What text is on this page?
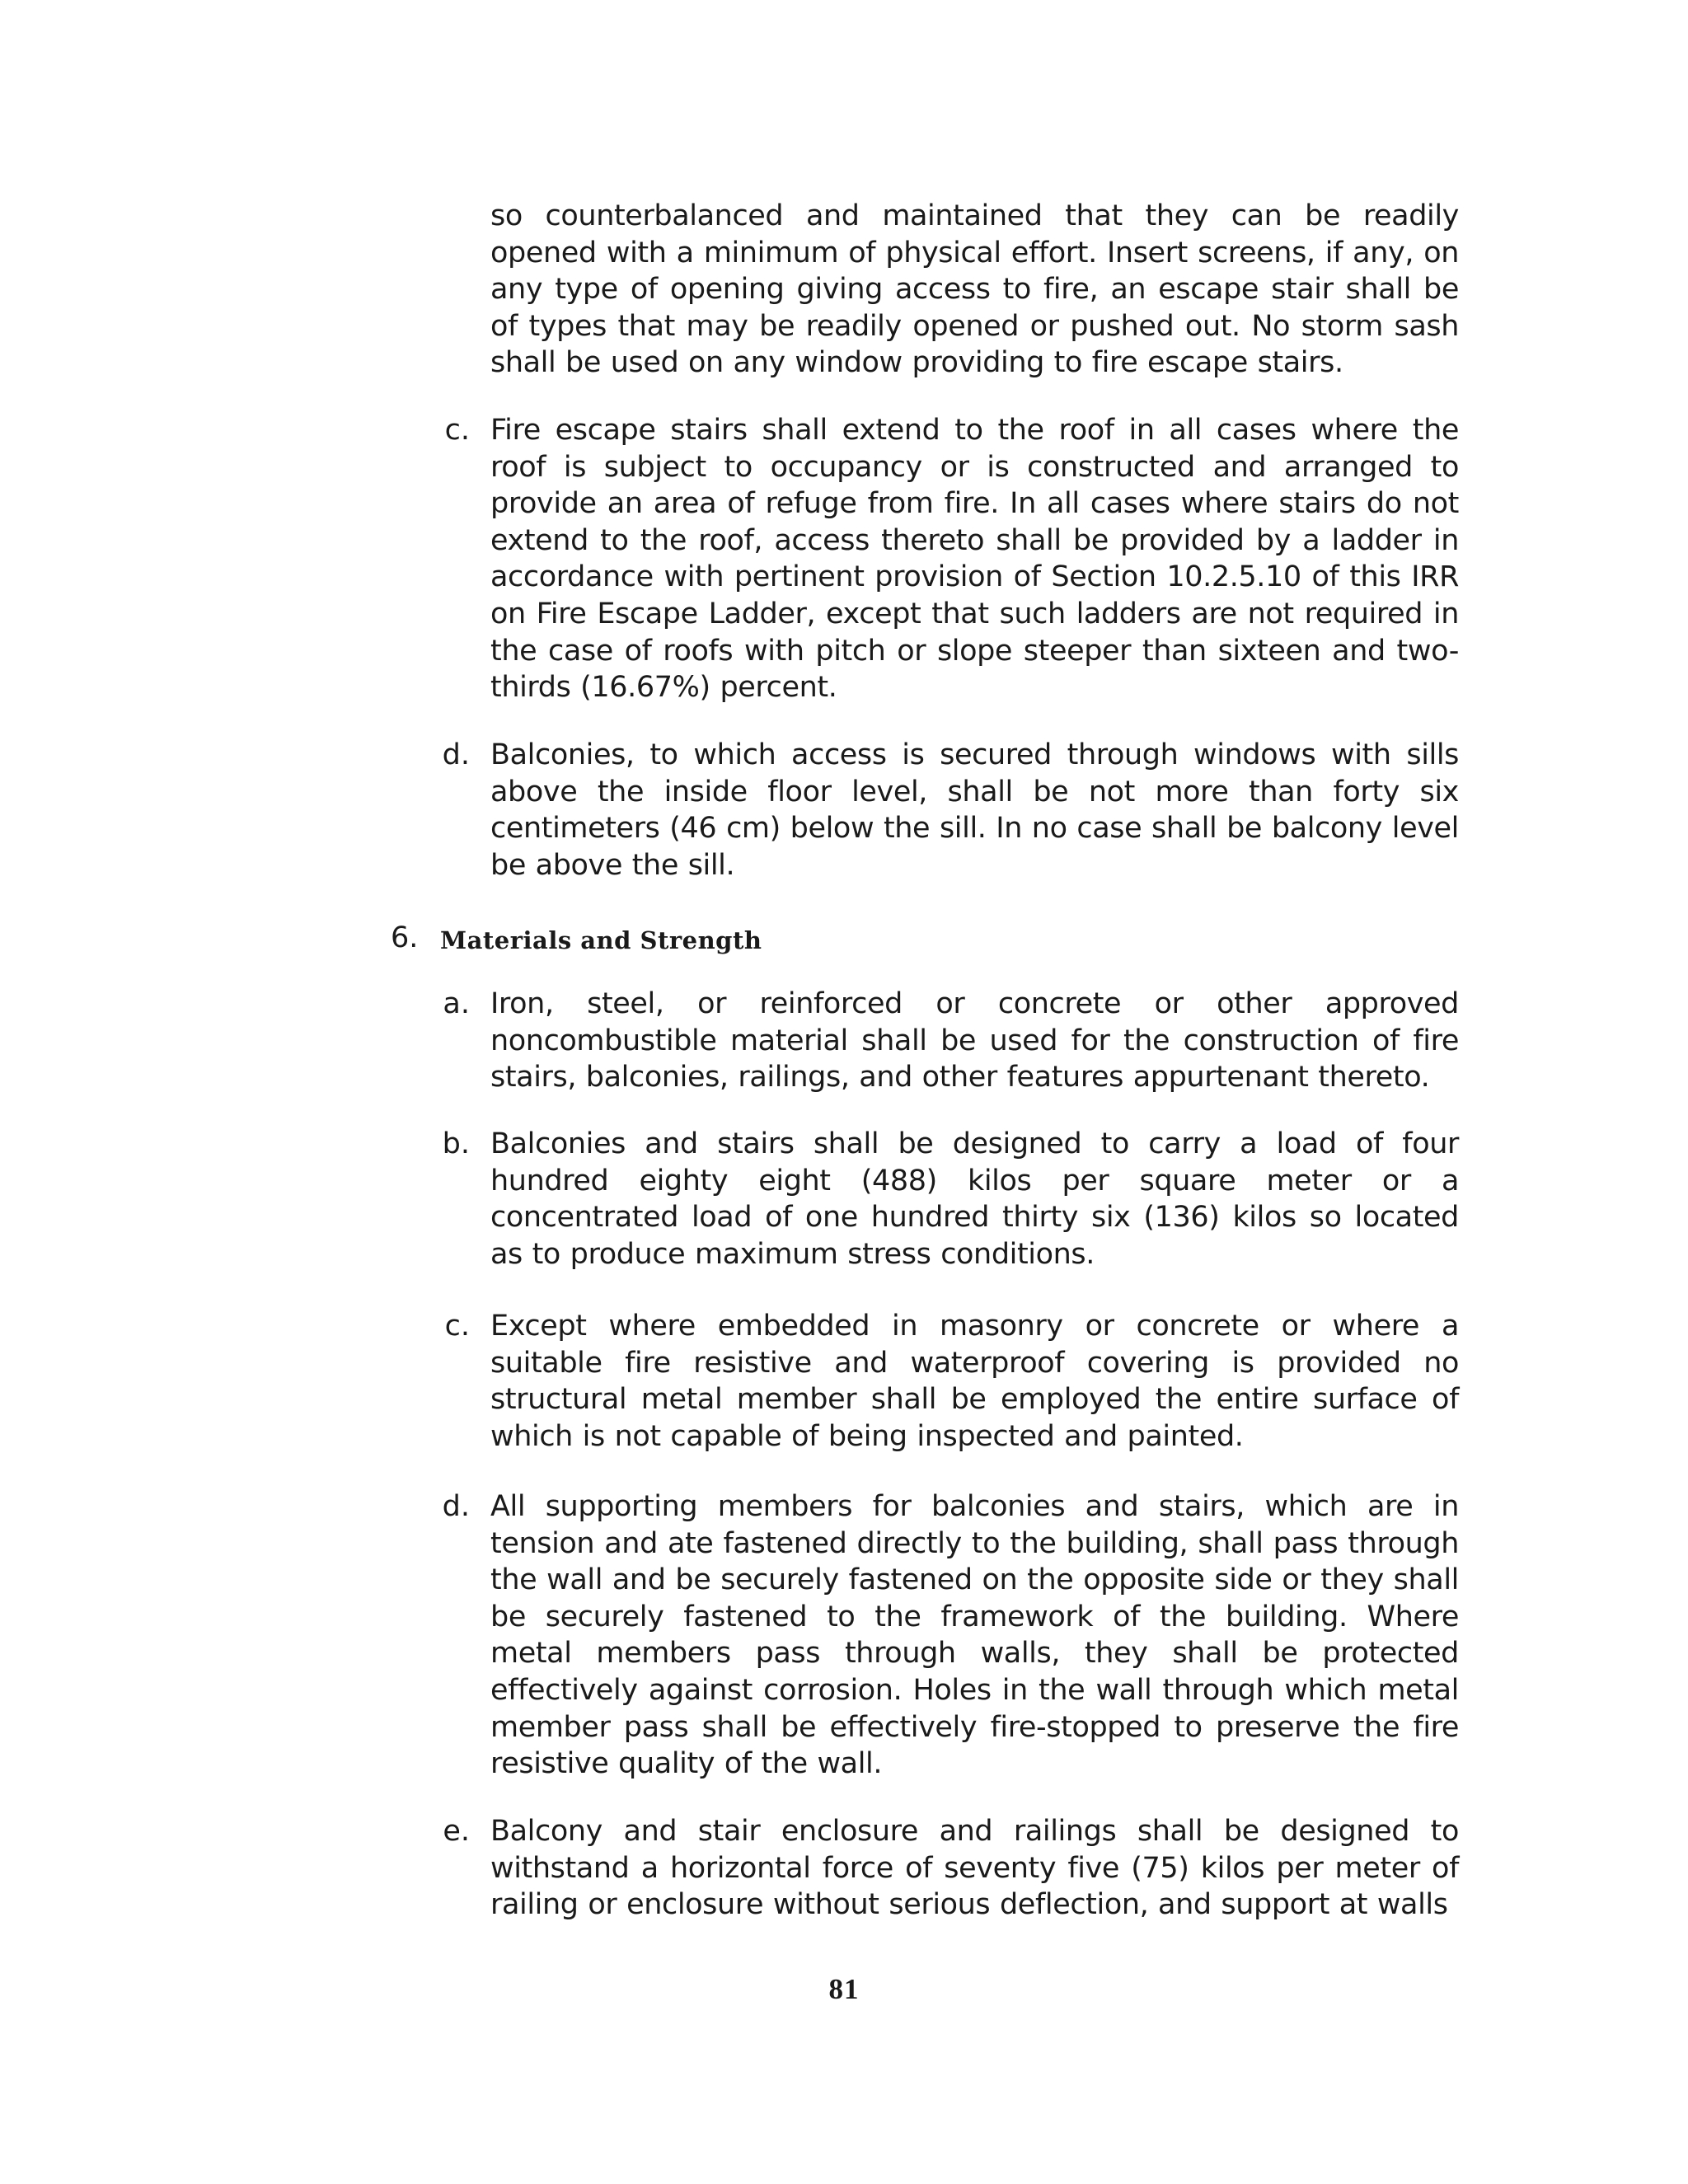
so counterbalanced and maintained that they can be readily opened with a minimum of physical effort. Insert screens, if any, on any type of opening giving access to fire, an escape stair shall be of types that may be readily opened or pushed out. No storm sash shall be used on any window providing to fire escape stairs.

c. Fire escape stairs shall extend to the roof in all cases where the roof is subject to occupancy or is constructed and arranged to provide an area of refuge from fire. In all cases where stairs do not extend to the roof, access thereto shall be provided by a ladder in accordance with pertinent provision of Section 10.2.5.10 of this IRR on Fire Escape Ladder, except that such ladders are not required in the case of roofs with pitch or slope steeper than sixteen and two-thirds (16.67%) percent.

d. Balconies, to which access is secured through windows with sills above the inside floor level, shall be not more than forty six centimeters (46 cm) below the sill. In no case shall be balcony level be above the sill.

6. Materials and Strength
a. Iron, steel, or reinforced or concrete or other approved noncombustible material shall be used for the construction of fire stairs, balconies, railings, and other features appurtenant thereto.

b. Balconies and stairs shall be designed to carry a load of four hundred eighty eight (488) kilos per square meter or a concentrated load of one hundred thirty six (136) kilos so located as to produce maximum stress conditions.

c. Except where embedded in masonry or concrete or where a suitable fire resistive and waterproof covering is provided no structural metal member shall be employed the entire surface of which is not capable of being inspected and painted.

d. All supporting members for balconies and stairs, which are in tension and ate fastened directly to the building, shall pass through the wall and be securely fastened on the opposite side or they shall be securely fastened to the framework of the building. Where metal members pass through walls, they shall be protected effectively against corrosion. Holes in the wall through which metal member pass shall be effectively fire-stopped to preserve the fire resistive quality of the wall.

e. Balcony and stair enclosure and railings shall be designed to withstand a horizontal force of seventy five (75) kilos per meter of railing or enclosure without serious deflection, and support at walls

81
